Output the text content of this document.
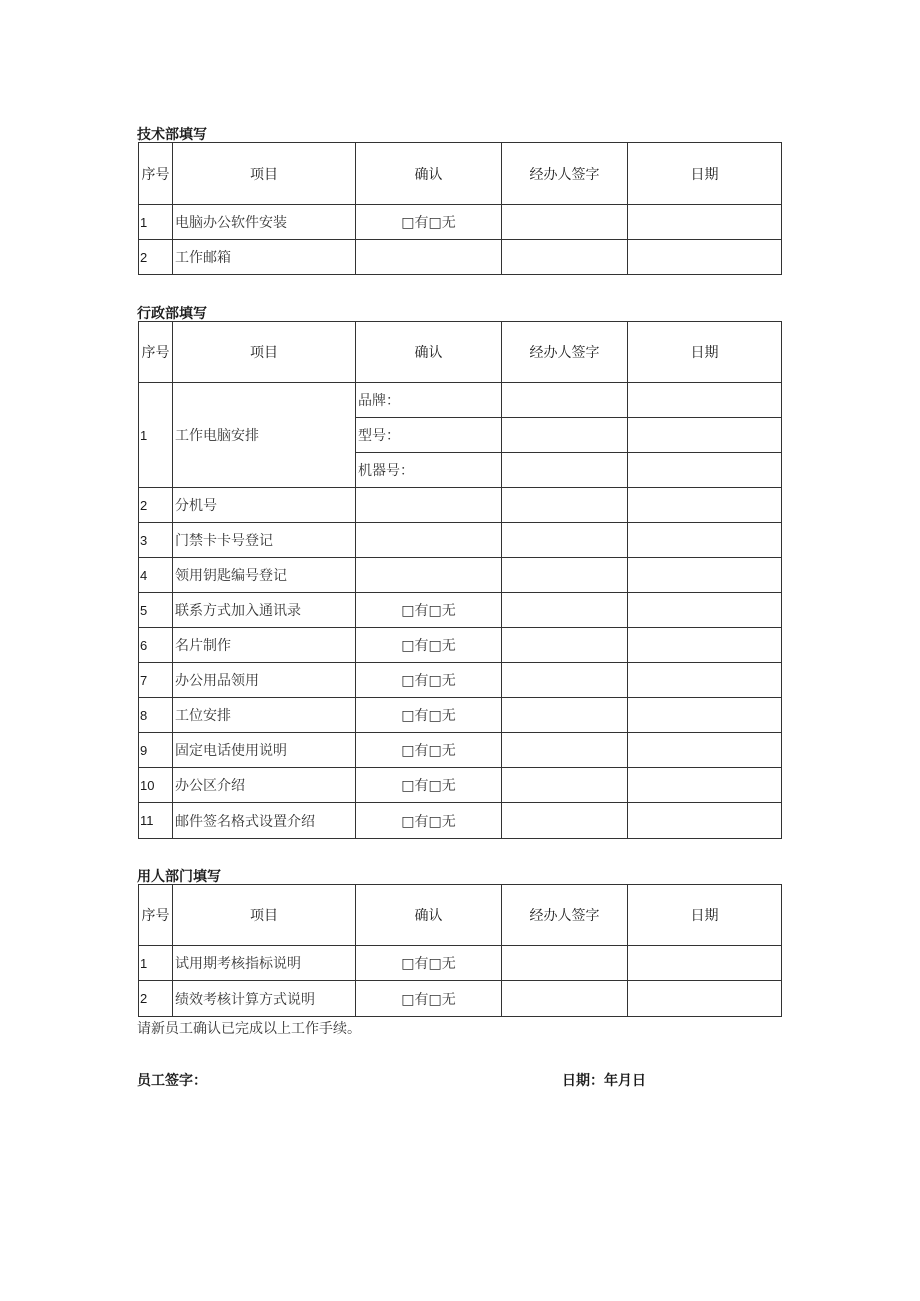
技术部填写
序号	项目	确认	经办人签字	日期
1	电脑办公软件安装	□有□无		
2	工作邮箱			
行政部填写
序号	项目	确认	经办人签字	日期
1	工作电脑安排	品牌：		
		型号：		
		机器号：		
2	分机号			
3	门禁卡卡号登记			
4	领用钥匙编号登记			
5	联系方式加入通讯录	□有□无		
6	名片制作	□有□无		
7	办公用品领用	□有□无		
8	工位安排	□有□无		
9	固定电话使用说明	□有□无		
10	办公区介绍	□有□无		
11	邮件签名格式设置介绍	□有□无		
用人部门填写
序号	项目	确认	经办人签字	日期
1	试用期考核指标说明	□有□无		
2	绩效考核计算方式说明	□有□无		
请新员工确认已完成以上工作手续。
员工签字：	日期：年月日
